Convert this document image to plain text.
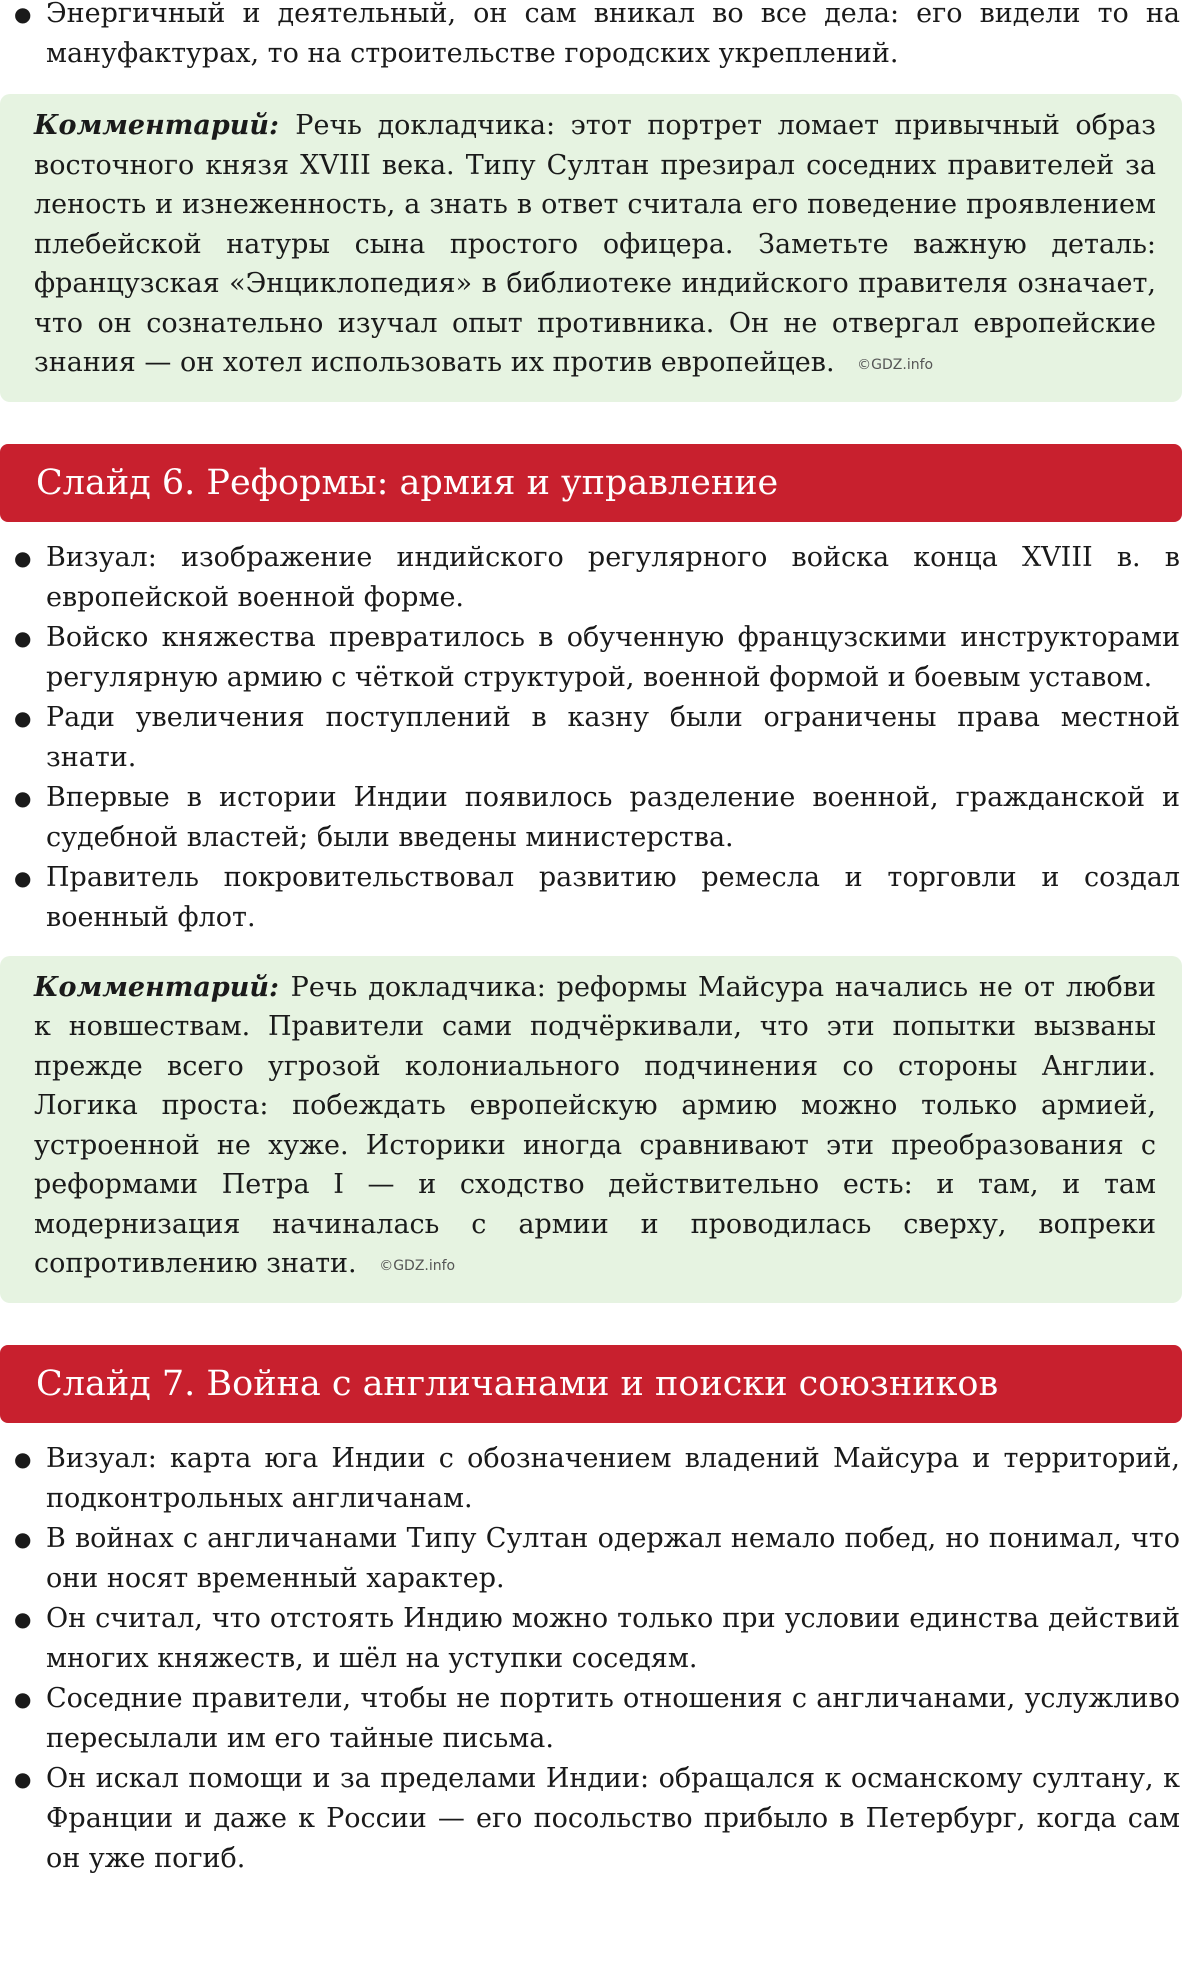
● Энергичный и деятельный, он сам вникал во все дела: его видели то на мануфактурах, то на строительстве городских укреплений.
Комментарий: Речь докладчика: этот портрет ломает привычный образ восточного князя XVIII века. Типу Султан презирал соседних правителей за леность и изнеженность, а знать в ответ считала его поведение проявлением плебейской натуры сына простого офицера. Заметьте важную деталь: французская «Энциклопедия» в библиотеке индийского правителя означает, что он сознательно изучал опыт противника. Он не отвергал европейские знания — он хотел использовать их против европейцев. ©GDZ.info
Слайд 6. Реформы: армия и управление
● Визуал: изображение индийского регулярного войска конца XVIII в. в европейской военной форме.
● Войско княжества превратилось в обученную французскими инструкторами регулярную армию с чёткой структурой, военной формой и боевым уставом.
● Ради увеличения поступлений в казну были ограничены права местной знати.
● Впервые в истории Индии появилось разделение военной, гражданской и судебной властей; были введены министерства.
● Правитель покровительствовал развитию ремесла и торговли и создал военный флот.
Комментарий: Речь докладчика: реформы Майсура начались не от любви к новшествам. Правители сами подчёркивали, что эти попытки вызваны прежде всего угрозой колониального подчинения со стороны Англии. Логика проста: побеждать европейскую армию можно только армией, устроенной не хуже. Историки иногда сравнивают эти преобразования с реформами Петра I — и сходство действительно есть: и там, и там модернизация начиналась с армии и проводилась сверху, вопреки сопротивлению знати. ©GDZ.info
Слайд 7. Война с англичанами и поиски союзников
● Визуал: карта юга Индии с обозначением владений Майсура и территорий, подконтрольных англичанам.
● В войнах с англичанами Типу Султан одержал немало побед, но понимал, что они носят временный характер.
● Он считал, что отстоять Индию можно только при условии единства действий многих княжеств, и шёл на уступки соседям.
● Соседние правители, чтобы не портить отношения с англичанами, услужливо пересылали им его тайные письма.
● Он искал помощи и за пределами Индии: обращался к османскому султану, к Франции и даже к России — его посольство прибыло в Петербург, когда сам он уже погиб.
